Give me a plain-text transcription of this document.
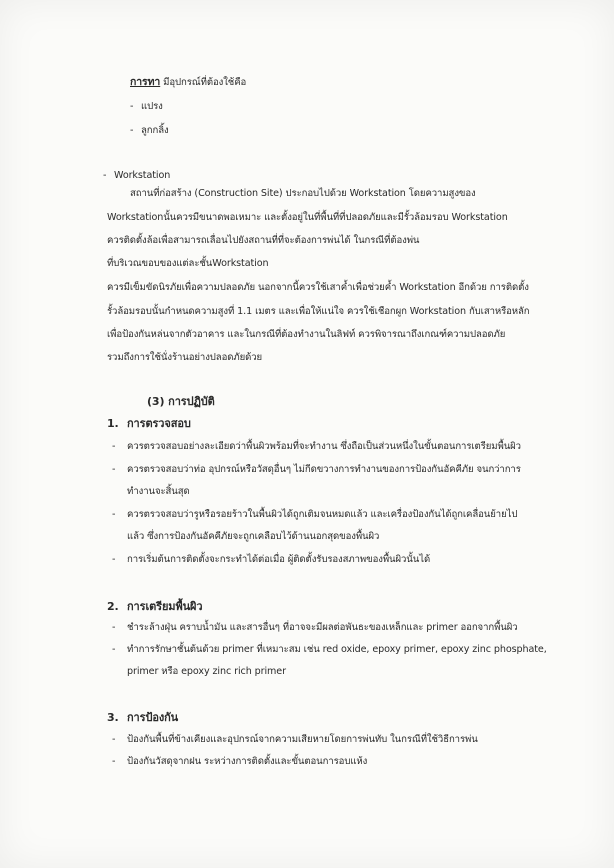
การทา มีอุปกรณ์ที่ต้องใช้คือ
- แปรง
- ลูกกลิ้ง
- Workstation
สถานที่ก่อสร้าง (Construction Site) ประกอบไปด้วย Workstation โดยความสูงของ
Workstationนั้นควรมีขนาดพอเหมาะ และตั้งอยู่ในที่พื้นที่ที่ปลอดภัยและมีรั้วล้อมรอบ Workstation
ควรติดตั้งล้อเพื่อสามารถเลื่อนไปยังสถานที่ที่จะต้องการพ่นได้ ในกรณีที่ต้องพ่น
ที่บริเวณขอบของแต่ละชั้นWorkstation
ควรมีเข็มขัดนิรภัยเพื่อความปลอดภัย นอกจากนี้ควรใช้เสาค้ำเพื่อช่วยค้ำ Workstation อีกด้วย การติดตั้ง
รั้วล้อมรอบนั้นกำหนดความสูงที่ 1.1 เมตร และเพื่อให้แน่ใจ ควรใช้เชือกผูก Workstation กับเสาหรือหลัก
เพื่อป้องกันหล่นจากตัวอาคาร และในกรณีที่ต้องทำงานในลิฟท์ ควรพิจารณาถึงเกณฑ์ความปลอดภัย
รวมถึงการใช้นั่งร้านอย่างปลอดภัยด้วย
(3) การปฏิบัติ
1. การตรวจสอบ
- ควรตรวจสอบอย่างละเอียดว่าพื้นผิวพร้อมที่จะทำงาน ซึ่งถือเป็นส่วนหนึ่งในขั้นตอนการเตรียมพื้นผิว
- ควรตรวจสอบว่าท่อ อุปกรณ์หรือวัสดุอื่นๆ ไม่กีดขวางการทำงานของการป้องกันอัคคีภัย จนกว่าการ
ทำงานจะสิ้นสุด
- ควรตรวจสอบว่ารูหรือรอยร้าวในพื้นผิวได้ถูกเติมจนหมดแล้ว และเครื่องป้องกันได้ถูกเคลื่อนย้ายไป
แล้ว ซึ่งการป้องกันอัคคีภัยจะถูกเคลือบไว้ด้านนอกสุดของพื้นผิว
- การเริ่มต้นการติดตั้งจะกระทำได้ต่อเมื่อ ผู้ติดตั้งรับรองสภาพของพื้นผิวนั้นได้
2. การเตรียมพื้นผิว
- ชำระล้างฝุ่น คราบน้ำมัน และสารอื่นๆ ที่อาจจะมีผลต่อพันธะของเหล็กและ primer ออกจากพื้นผิว
- ทำการรักษาชั้นต้นด้วย primer ที่เหมาะสม เช่น red oxide, epoxy primer, epoxy zinc phosphate,
primer หรือ epoxy zinc rich primer
3. การป้องกัน
- ป้องกันพื้นที่ข้างเคียงและอุปกรณ์จากความเสียหายโดยการพ่นทับ ในกรณีที่ใช้วิธีการพ่น
- ป้องกันวัสดุจากฝน ระหว่างการติดตั้งและขั้นตอนการอบแห้ง
